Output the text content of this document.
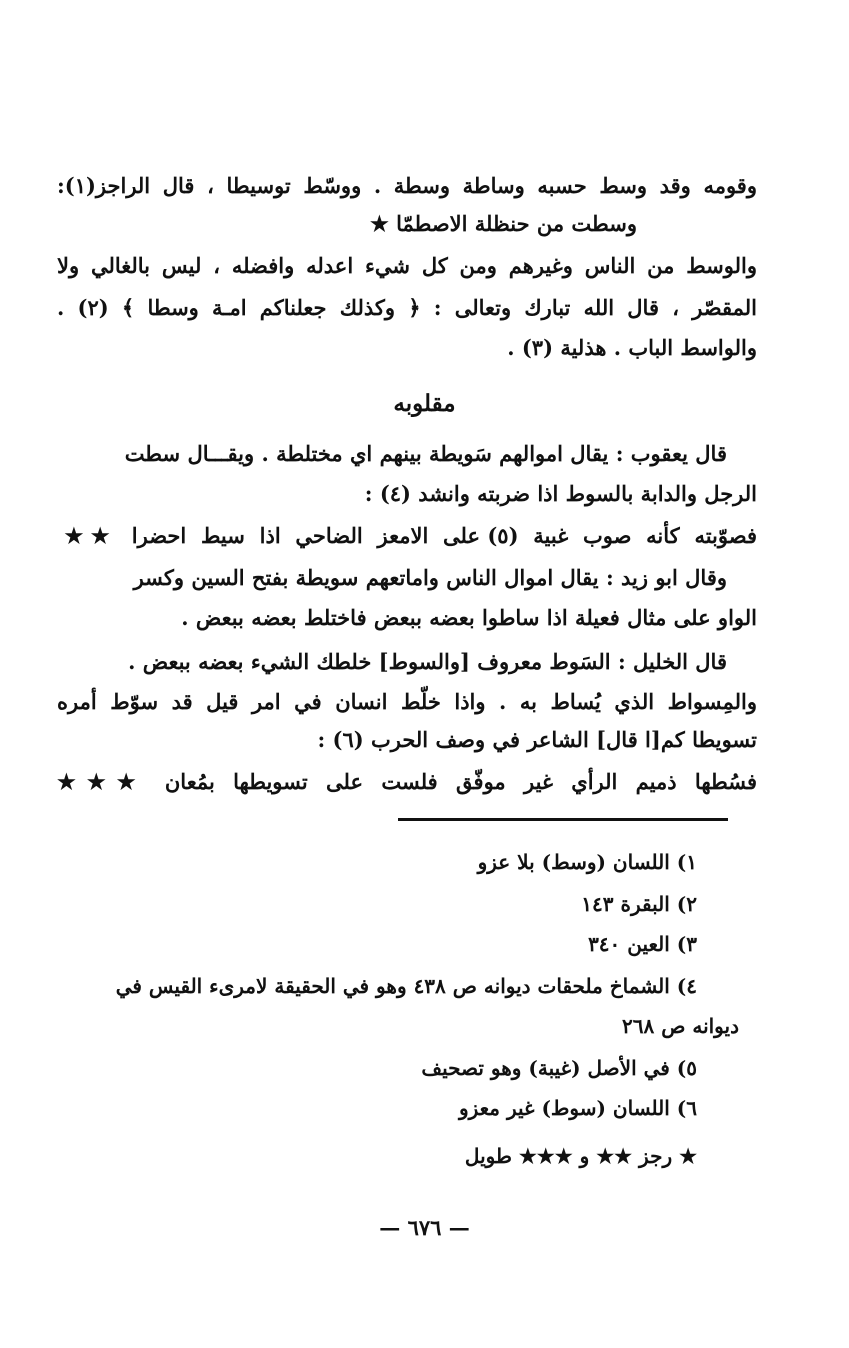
وقومه وقد وسط حسبه وساطة وسطة . ووسّط توسيطا ، قال الراجز(١):
وسطت من حنظلة الاصطمّا ★
والوسط من الناس وغيرهم ومن كل شيء اعدله وافضله ، ليس بالغالي ولا
المقصّر ، قال الله تبارك وتعالى : ﴿ وكذلك جعلناكم امـة وسطا ﴾ (٢) .
والواسط الباب . هذلية (٣) .
مقلوبه
قال يعقوب : يقال اموالهم سَويطة بينهم اي مختلطة . ويقـــال سطت
الرجل والدابة بالسوط اذا ضربته وانشد (٤) :
فصوّبته كأنه صوب غبية (٥) على الامعز الضاحي اذا سيط احضرا ★★
وقال ابو زيد : يقال اموال الناس واماتعهم سويطة بفتح السين وكسر
الواو على مثال فعيلة اذا ساطوا بعضه ببعض فاختلط بعضه ببعض .
قال الخليل : السَوط معروف [والسوط] خلطك الشيء بعضه ببعض .
والمِسواط الذي يُساط به . واذا خلّط انسان في امر قيل قد سوّط أمره
تسويطا كم[ا قال] الشاعر في وصف الحرب (٦) :
فسُطها ذميم الرأي غير موفّق فلست على تسويطها بمُعان ★★★
١) اللسان (وسط) بلا عزو
٢) البقرة ١٤٣
٣) العين ٣٤٠
٤) الشماخ ملحقات ديوانه ص ٤٣٨ وهو في الحقيقة لامرىء القيس في
ديوانه ص ٢٦٨
٥) في الأصل (غيبة) وهو تصحيف
٦) اللسان (سوط) غير معزو
★ رجز ★★ و ★★★ طويل
— ٦٧٦ —
